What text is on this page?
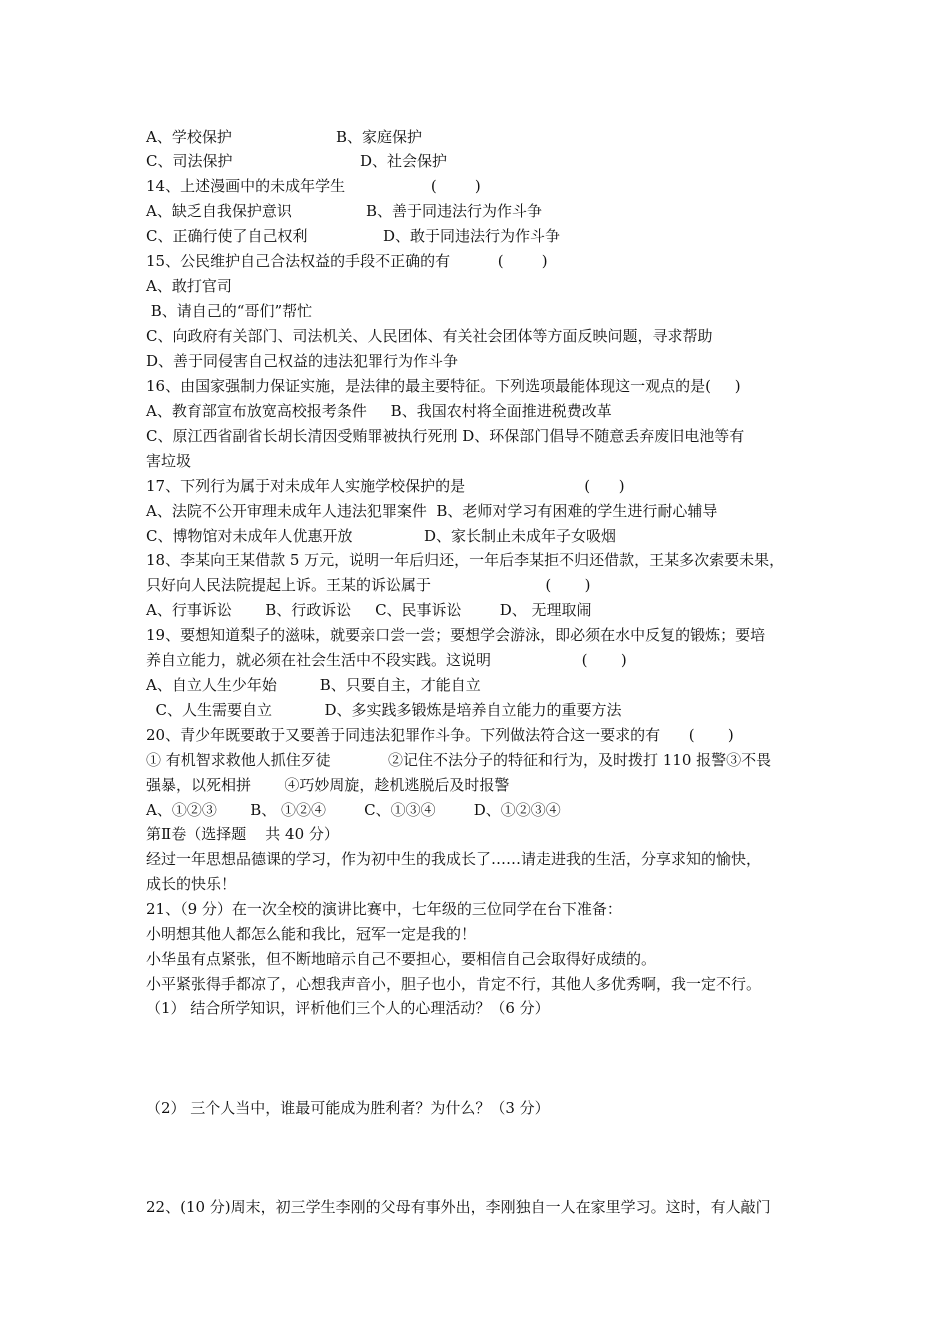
A、学校保护	B、家庭保护
C、司法保护	D、社会保护
14、上述漫画中的未成年学生                  (        )
A、缺乏自我保护意识	B、善于同违法行为作斗争
C、正确行使了自己权利	D、敢于同违法行为作斗争
15、公民维护自己合法权益的手段不正确的有          (        )
A、敢打官司
B、请自己的“哥们”帮忙
C、向政府有关部门、司法机关、人民团体、有关社会团体等方面反映问题，寻求帮助
D、善于同侵害自己权益的违法犯罪行为作斗争
16、由国家强制力保证实施，是法律的最主要特征。下列选项最能体现这一观点的是(     )
A、教育部宣布放宽高校报考条件     B、我国农村将全面推进税费改革
C、原江西省副省长胡长清因受贿罪被执行死刑 D、环保部门倡导不随意丢弃废旧电池等有
害垃圾
17、下列行为属于对未成年人实施学校保护的是                         (      )
A、法院不公开审理未成年人违法犯罪案件  B、老师对学习有困难的学生进行耐心辅导
C、博物馆对未成年人优惠开放	D、家长制止未成年子女吸烟
18、李某向王某借款 5 万元，说明一年后归还，一年后李某拒不归还借款，王某多次索要未果，
只好向人民法院提起上诉。王某的诉讼属于                        (       )
A、行事诉讼       B、行政诉讼     C、民事诉讼        D、 无理取闹
19、要想知道梨子的滋味，就要亲口尝一尝；要想学会游泳，即必须在水中反复的锻炼；要培
养自立能力，就必须在社会生活中不段实践。这说明                   (       )
A、自立人生少年始         B、只要自主，才能自立
C、人生需要自立           D、多实践多锻炼是培养自立能力的重要方法
20、青少年既要敢于又要善于同违法犯罪作斗争。下列做法符合这一要求的有      (       )
① 有机智求救他人抓住歹徒            ②记住不法分子的特征和行为，及时拨打 110 报警③不畏
强暴，以死相拼       ④巧妙周旋，趁机逃脱后及时报警
A、①②③       B、 ①②④        C、①③④        D、①②③④
第Ⅱ卷（选择题    共 40 分）
经过一年思想品德课的学习，作为初中生的我成长了……请走进我的生活，分享求知的愉快，
成长的快乐！
21、（9 分）在一次全校的演讲比赛中，七年级的三位同学在台下准备：
小明想其他人都怎么能和我比，冠军一定是我的！
小华虽有点紧张，但不断地暗示自己不要担心，要相信自己会取得好成绩的。
小平紧张得手都凉了，心想我声音小，胆子也小，肯定不行，其他人多优秀啊，我一定不行。
（1） 结合所学知识，评析他们三个人的心理活动？（6 分）
（2） 三个人当中，谁最可能成为胜利者？为什么？（3 分）
22、(10 分)周末，初三学生李刚的父母有事外出，李刚独自一人在家里学习。这时，有人敲门
